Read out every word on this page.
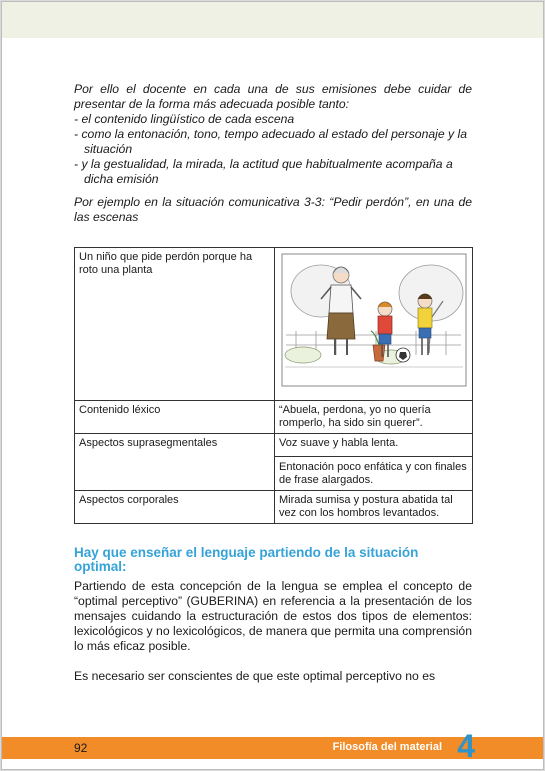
Por ello el docente en cada una de sus emisiones debe cuidar de presentar de la forma más adecuada posible tanto:

- el contenido lingüístico de cada escena
- como la entonación, tono, tempo adecuado al estado del personaje y la situación
- y la gestualidad, la mirada, la actitud que habitualmente acompaña a dicha emisión

Por ejemplo en la situación comunicativa 3-3: “Pedir perdón”, en una de las escenas

Un niño que pide perdón porque ha roto una planta	

Contenido léxico	“Abuela, perdona, yo no quería romperlo, ha sido sin querer”.

Aspectos suprasegmentales	Voz suave y habla lenta.

Entonación poco enfática y con finales de frase alargados.

Aspectos corporales	Mirada sumisa y postura abatida tal vez con los hombros levantados.

Hay que enseñar el lenguaje partiendo de la situación optimal:

Partiendo de esta concepción de la lengua se emplea el concepto de “optimal perceptivo” (GUBERINA) en referencia a la presentación de los mensajes cuidando la estructuración de estos dos tipos de elementos: lexicológicos y no lexicológicos, de manera que permita una comprensión lo más eficaz posible.

Es necesario ser conscientes de que este optimal perceptivo no es

92	Filosofía del material 4
